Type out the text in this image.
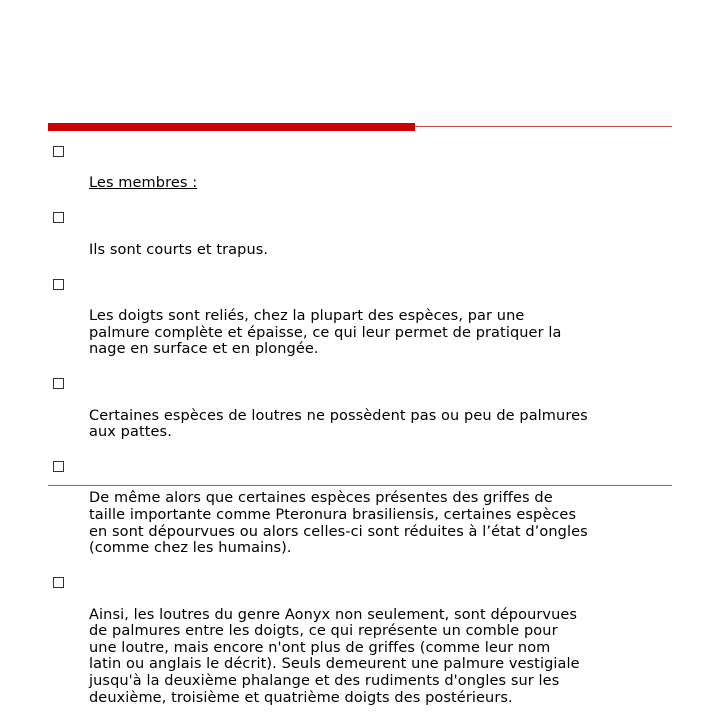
Les membres :

Ils sont courts et trapus.

Les doigts sont reliés, chez la plupart des espèces, par une
palmure complète et épaisse, ce qui leur permet de pratiquer la
nage en surface et en plongée.

Certaines espèces de loutres ne possèdent pas ou peu de palmures
aux pattes.

De même alors que certaines espèces présentes des griffes de
taille importante comme Pteronura brasiliensis, certaines espèces
en sont dépourvues ou alors celles-ci sont réduites à l’état d’ongles
(comme chez les humains).

Ainsi, les loutres du genre Aonyx non seulement, sont dépourvues
de palmures entre les doigts, ce qui représente un comble pour
une loutre, mais encore n'ont plus de griffes (comme leur nom
latin ou anglais le décrit). Seuls demeurent une palmure vestigiale
jusqu'à la deuxième phalange et des rudiments d'ongles sur les
deuxième, troisième et quatrième doigts des postérieurs.
